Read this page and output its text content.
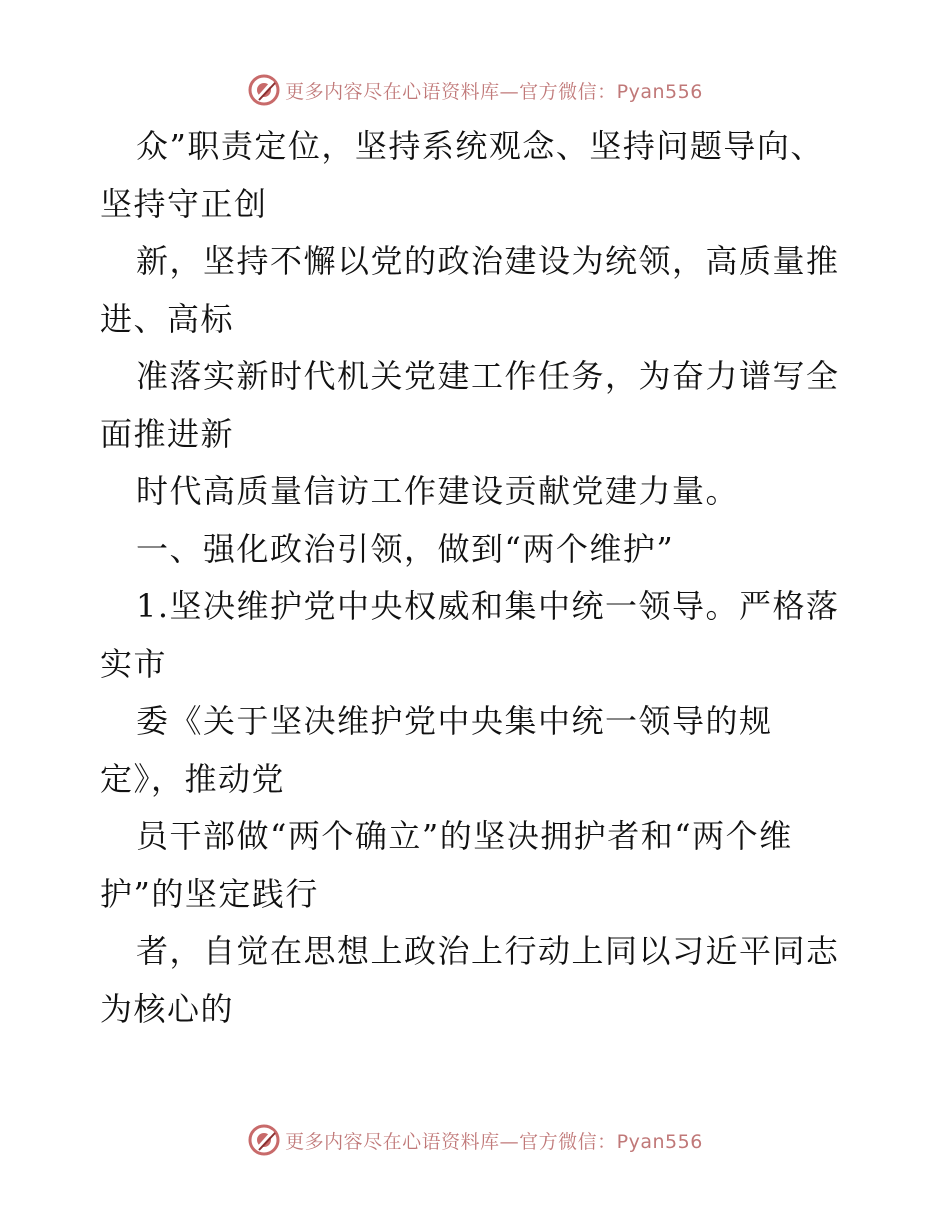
更多内容尽在心语资料库—官方微信：Pyan556
众”职责定位，坚持系统观念、坚持问题导向、
坚持守正创
新，坚持不懈以党的政治建设为统领，高质量推
进、高标
准落实新时代机关党建工作任务，为奋力谱写全
面推进新
时代高质量信访工作建设贡献党建力量。
一、强化政治引领，做到“两个维护”
1.坚决维护党中央权威和集中统一领导。严格落
实市
委《关于坚决维护党中央集中统一领导的规
定》，推动党
员干部做“两个确立”的坚决拥护者和“两个维
护”的坚定践行
者，自觉在思想上政治上行动上同以习近平同志
为核心的
更多内容尽在心语资料库—官方微信：Pyan556
